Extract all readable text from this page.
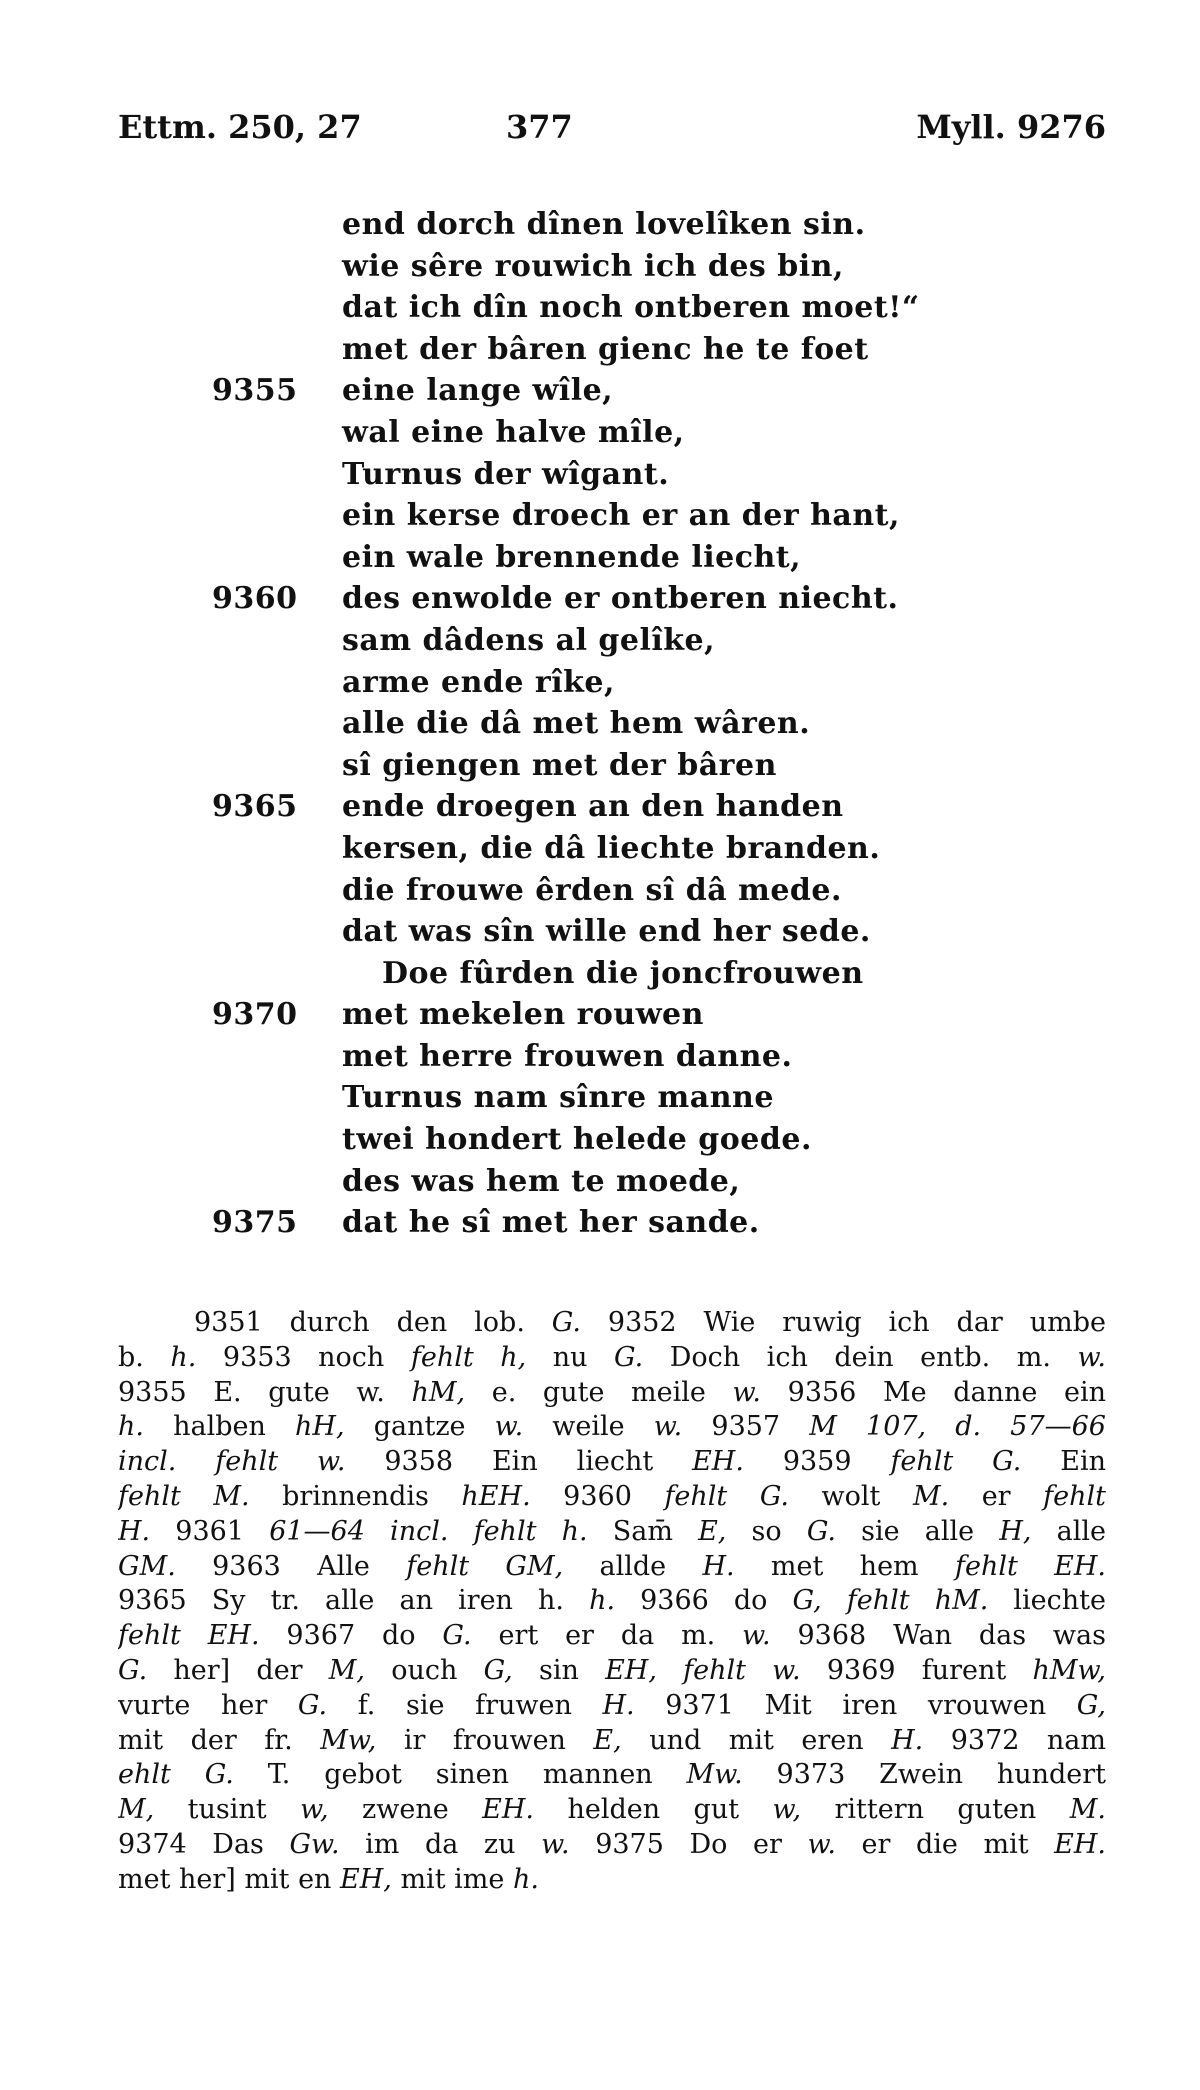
Ettm. 250, 27	377	Myll. 9276
end dorch dînen lovelîken sin.
wie sêre rouwich ich des bin,
dat ich dîn noch ontberen moet!“
met der bâren gienc he te foet
9355 eine lange wîle,
wal eine halve mîle,
Turnus der wîgant.
ein kerse droech er an der hant,
ein wale brennende liecht,
9360 des enwolde er ontberen niecht.
sam dâdens al gelîke,
arme ende rîke,
alle die dâ met hem wâren.
sî giengen met der bâren
9365 ende droegen an den handen
kersen, die dâ liechte branden.
die frouwe êrden sî dâ mede.
dat was sîn wille end her sede.
Doe fûrden die joncfrouwen
9370 met mekelen rouwen
met herre frouwen danne.
Turnus nam sînre manne
twei hondert helede goede.
des was hem te moede,
9375 dat he sî met her sande.
9351 durch den lob. G. 9352 Wie ruwig ich dar umbe
b. h. 9353 noch fehlt h, nu G. Doch ich dein entb. m. w.
9355 E. gute w. hM, e. gute meile w. 9356 Me danne ein
h. halben hH, gantze w. weile w. 9357 M 107, d. 57—66
incl. fehlt w. 9358 Ein liecht EH. 9359 fehlt G. Ein
fehlt M. brinnendis hEH. 9360 fehlt G. wolt M. er fehlt
H. 9361 61—64 incl. fehlt h. Sam̄ E, so G. sie alle H, alle
GM. 9363 Alle fehlt GM, allde H. met hem fehlt EH.
9365 Sy tr. alle an iren h. h. 9366 do G, fehlt hM. liechte
fehlt EH. 9367 do G. ert er da m. w. 9368 Wan das was
G. her] der M, ouch G, sin EH, fehlt w. 9369 furent hMw,
vurte her G. f. sie fruwen H. 9371 Mit iren vrouwen G,
mit der fr. Mw, ir frouwen E, und mit eren H. 9372 nam
ehlt G. T. gebot sinen mannen Mw. 9373 Zwein hundert
M, tusint w, zwene EH. helden gut w, rittern guten M.
9374 Das Gw. im da zu w. 9375 Do er w. er die mit EH.
met her] mit en EH, mit ime h.
